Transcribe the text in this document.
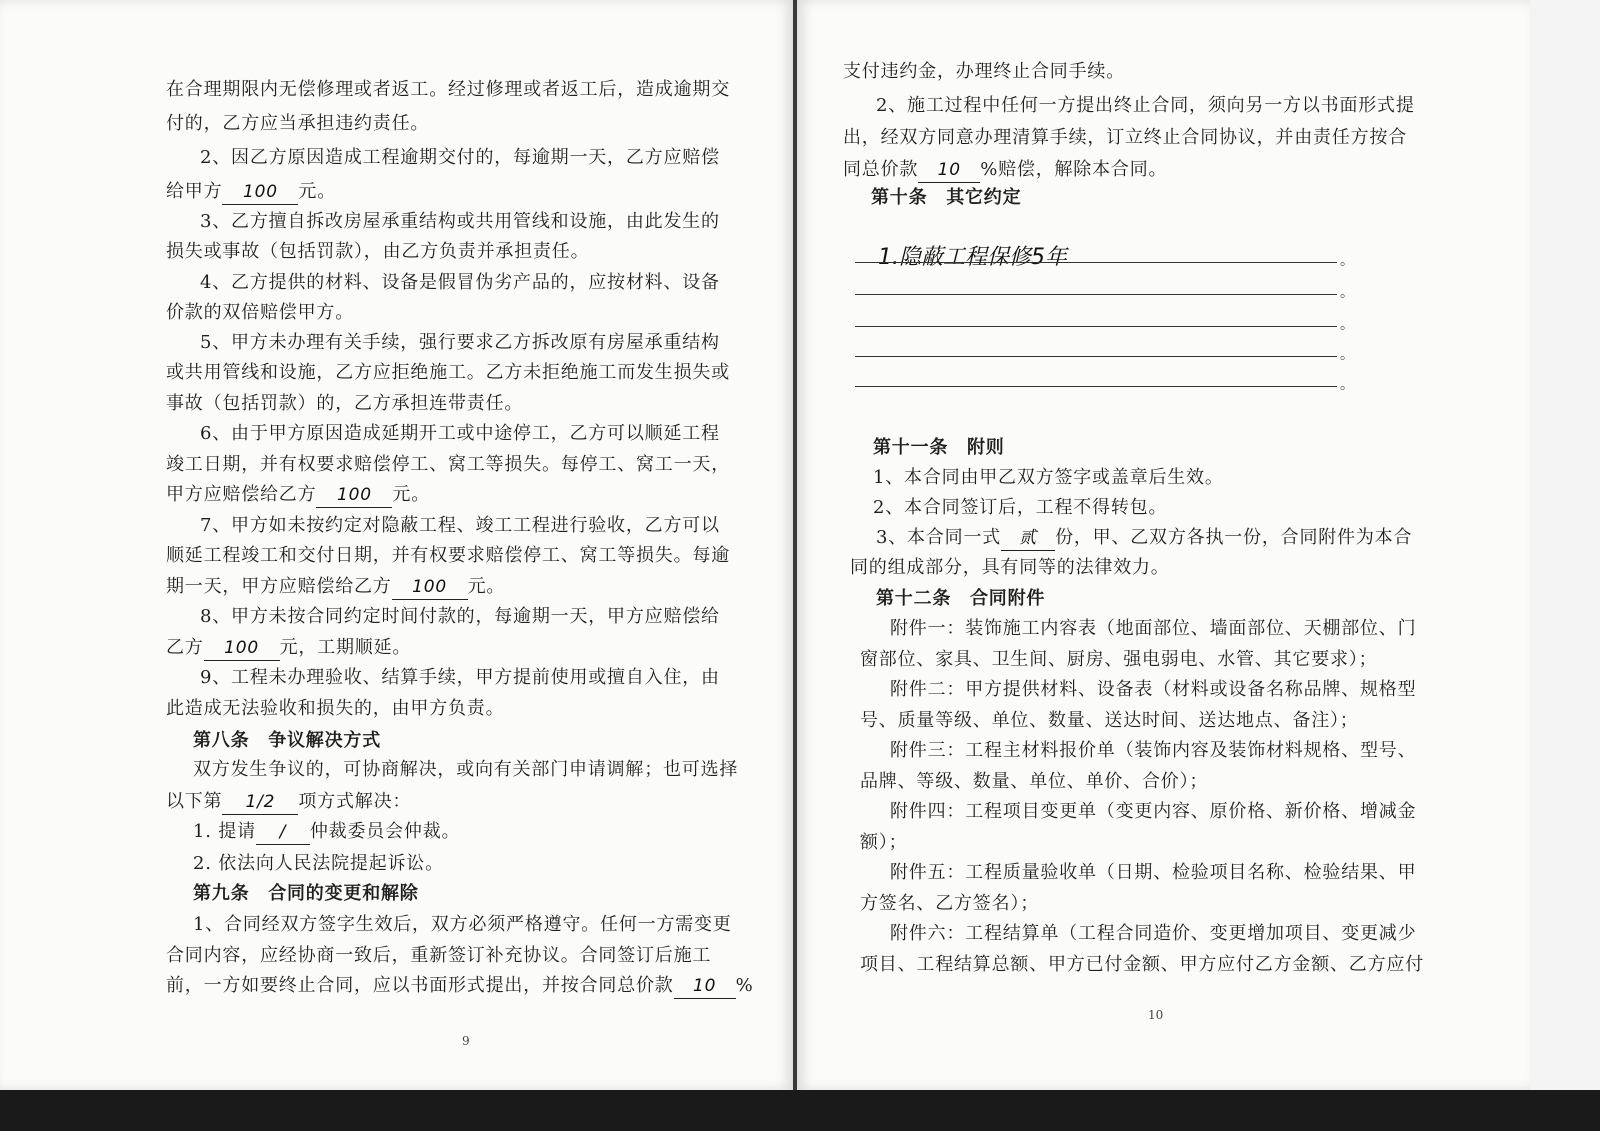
9
10
1.隐蔽工程保修5年	。
。
。
。
。
在合理期限内无偿修理或者返工。经过修理或者返工后，造成逾期交
付的，乙方应当承担违约责任。
2、因乙方原因造成工程逾期交付的，每逾期一天，乙方应赔偿
给甲方 100 元。
3、乙方擅自拆改房屋承重结构或共用管线和设施，由此发生的
损失或事故（包括罚款），由乙方负责并承担责任。
4、乙方提供的材料、设备是假冒伪劣产品的，应按材料、设备
价款的双倍赔偿甲方。
5、甲方未办理有关手续，强行要求乙方拆改原有房屋承重结构
或共用管线和设施，乙方应拒绝施工。乙方未拒绝施工而发生损失或
事故（包括罚款）的，乙方承担连带责任。
6、由于甲方原因造成延期开工或中途停工，乙方可以顺延工程
竣工日期，并有权要求赔偿停工、窝工等损失。每停工、窝工一天，
甲方应赔偿给乙方 100 元。
7、甲方如未按约定对隐蔽工程、竣工工程进行验收，乙方可以
顺延工程竣工和交付日期，并有权要求赔偿停工、窝工等损失。每逾
期一天，甲方应赔偿给乙方 100 元。
8、甲方未按合同约定时间付款的，每逾期一天，甲方应赔偿给
乙方 100 元，工期顺延。
9、工程未办理验收、结算手续，甲方提前使用或擅自入住，由
此造成无法验收和损失的，由甲方负责。
第八条　争议解决方式
双方发生争议的，可协商解决，或向有关部门申请调解；也可选择
以下第 1/2 项方式解决：
1. 提请 / 仲裁委员会仲裁。
2. 依法向人民法院提起诉讼。
第九条　合同的变更和解除
1、合同经双方签字生效后，双方必须严格遵守。任何一方需变更
合同内容，应经协商一致后，重新签订补充协议。合同签订后施工
前，一方如要终止合同，应以书面形式提出，并按合同总价款 10 %
支付违约金，办理终止合同手续。
2、施工过程中任何一方提出终止合同，须向另一方以书面形式提
出，经双方同意办理清算手续，订立终止合同协议，并由责任方按合
同总价款 10 %赔偿，解除本合同。
第十条　其它约定
第十一条　附则
1、本合同由甲乙双方签字或盖章后生效。
2、本合同签订后，工程不得转包。
3、本合同一式 贰 份，甲、乙双方各执一份，合同附件为本合
同的组成部分，具有同等的法律效力。
第十二条　合同附件
附件一：装饰施工内容表（地面部位、墙面部位、天棚部位、门
窗部位、家具、卫生间、厨房、强电弱电、水管、其它要求）；
附件二：甲方提供材料、设备表（材料或设备名称品牌、规格型
号、质量等级、单位、数量、送达时间、送达地点、备注）；
附件三：工程主材料报价单（装饰内容及装饰材料规格、型号、
品牌、等级、数量、单位、单价、合价）；
附件四：工程项目变更单（变更内容、原价格、新价格、增减金
额）；
附件五：工程质量验收单（日期、检验项目名称、检验结果、甲
方签名、乙方签名）；
附件六：工程结算单（工程合同造价、变更增加项目、变更减少
项目、工程结算总额、甲方已付金额、甲方应付乙方金额、乙方应付
